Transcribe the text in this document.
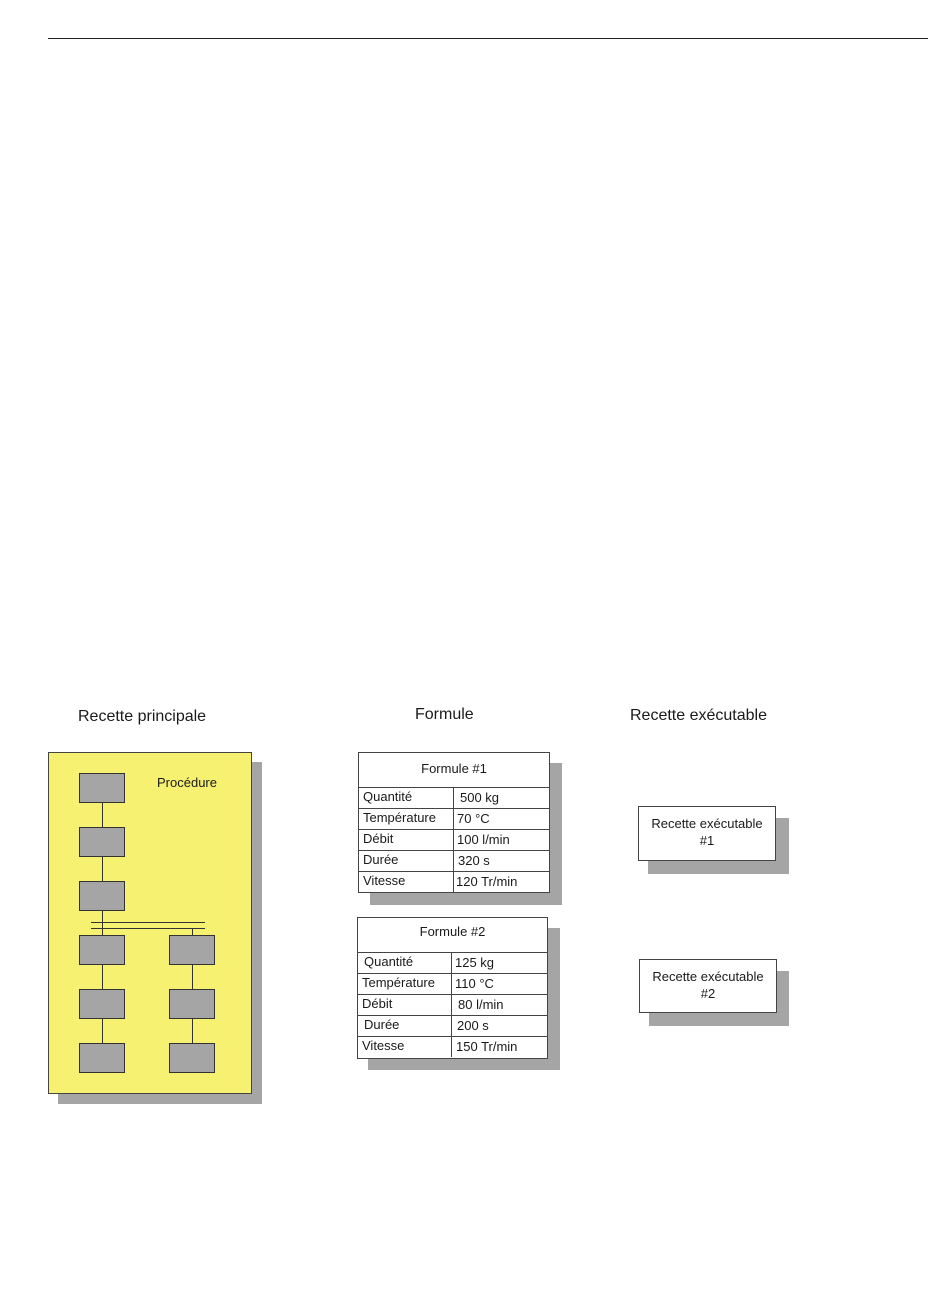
Recette principale	Formule	Recette exécutable
Procédure
Formule #1
Quantité	500 kg
Température 70 °C
Débit	100 l/min
Durée	320 s
Vitesse	120 Tr/min
Formule #2
Quantité	125 kg
Température 110 °C
Débit	80 l/min
Durée	200 s
Vitesse	150 Tr/min
Recette exécutable
#1
Recette exécutable
#2
